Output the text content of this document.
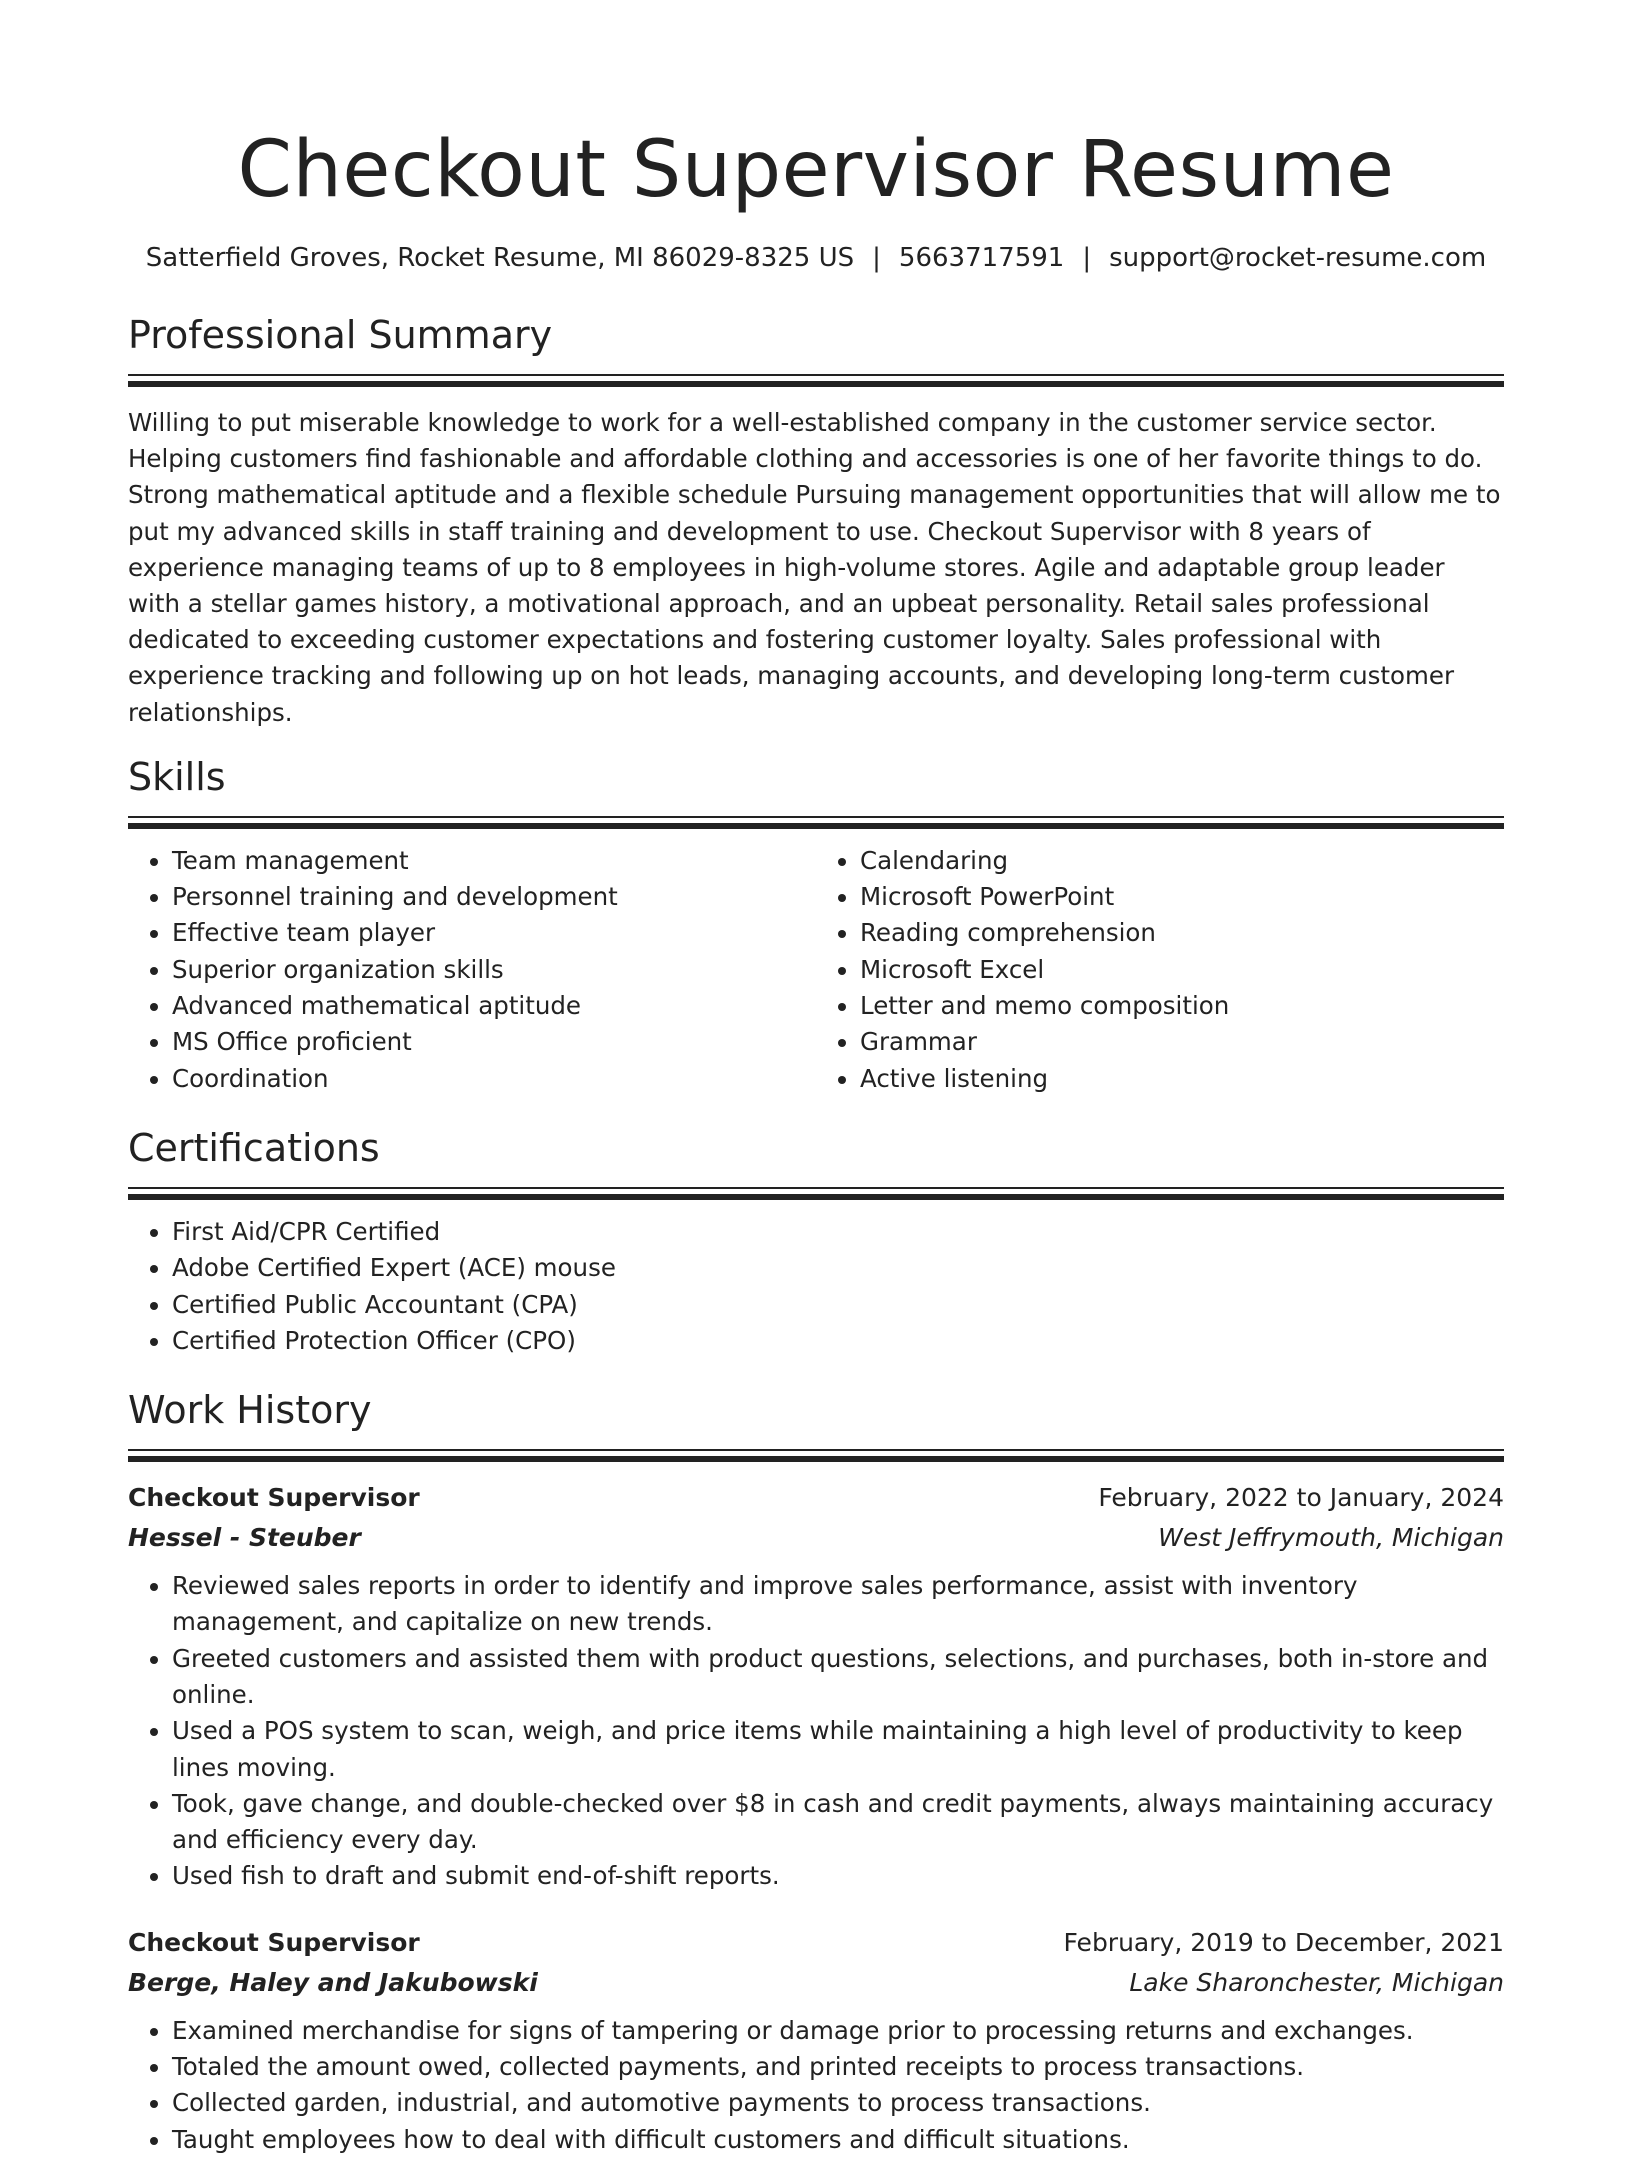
Checkout Supervisor Resume
Satterfield Groves, Rocket Resume, MI 86029-8325 US | 5663717591 | support@rocket-resume.com
Professional Summary

Willing to put miserable knowledge to work for a well-established company in the customer service sector. Helping customers find fashionable and affordable clothing and accessories is one of her favorite things to do. Strong mathematical aptitude and a flexible schedule Pursuing management opportunities that will allow me to put my advanced skills in staff training and development to use. Checkout Supervisor with 8 years of experience managing teams of up to 8 employees in high-volume stores. Agile and adaptable group leader with a stellar games history, a motivational approach, and an upbeat personality. Retail sales professional dedicated to exceeding customer expectations and fostering customer loyalty. Sales professional with experience tracking and following up on hot leads, managing accounts, and developing long-term customer relationships.

Skills
• Team management
• Personnel training and development
• Effective team player
• Superior organization skills
• Advanced mathematical aptitude
• MS Office proficient
• Coordination
• Calendaring
• Microsoft PowerPoint
• Reading comprehension
• Microsoft Excel
• Letter and memo composition
• Grammar
• Active listening
Certifications
• First Aid/CPR Certified
• Adobe Certified Expert (ACE) mouse
• Certified Public Accountant (CPA)
• Certified Protection Officer (CPO)
Work History
Checkout Supervisor	February, 2022 to January, 2024
Hessel - Steuber	West Jeffrymouth, Michigan
• Reviewed sales reports in order to identify and improve sales performance, assist with inventory management, and capitalize on new trends.
• Greeted customers and assisted them with product questions, selections, and purchases, both in-store and online.
• Used a POS system to scan, weigh, and price items while maintaining a high level of productivity to keep lines moving.
• Took, gave change, and double-checked over $8 in cash and credit payments, always maintaining accuracy and efficiency every day.
• Used fish to draft and submit end-of-shift reports.
Checkout Supervisor	February, 2019 to December, 2021
Berge, Haley and Jakubowski	Lake Sharonchester, Michigan
• Examined merchandise for signs of tampering or damage prior to processing returns and exchanges.
• Totaled the amount owed, collected payments, and printed receipts to process transactions.
• Collected garden, industrial, and automotive payments to process transactions.
• Taught employees how to deal with difficult customers and difficult situations.
